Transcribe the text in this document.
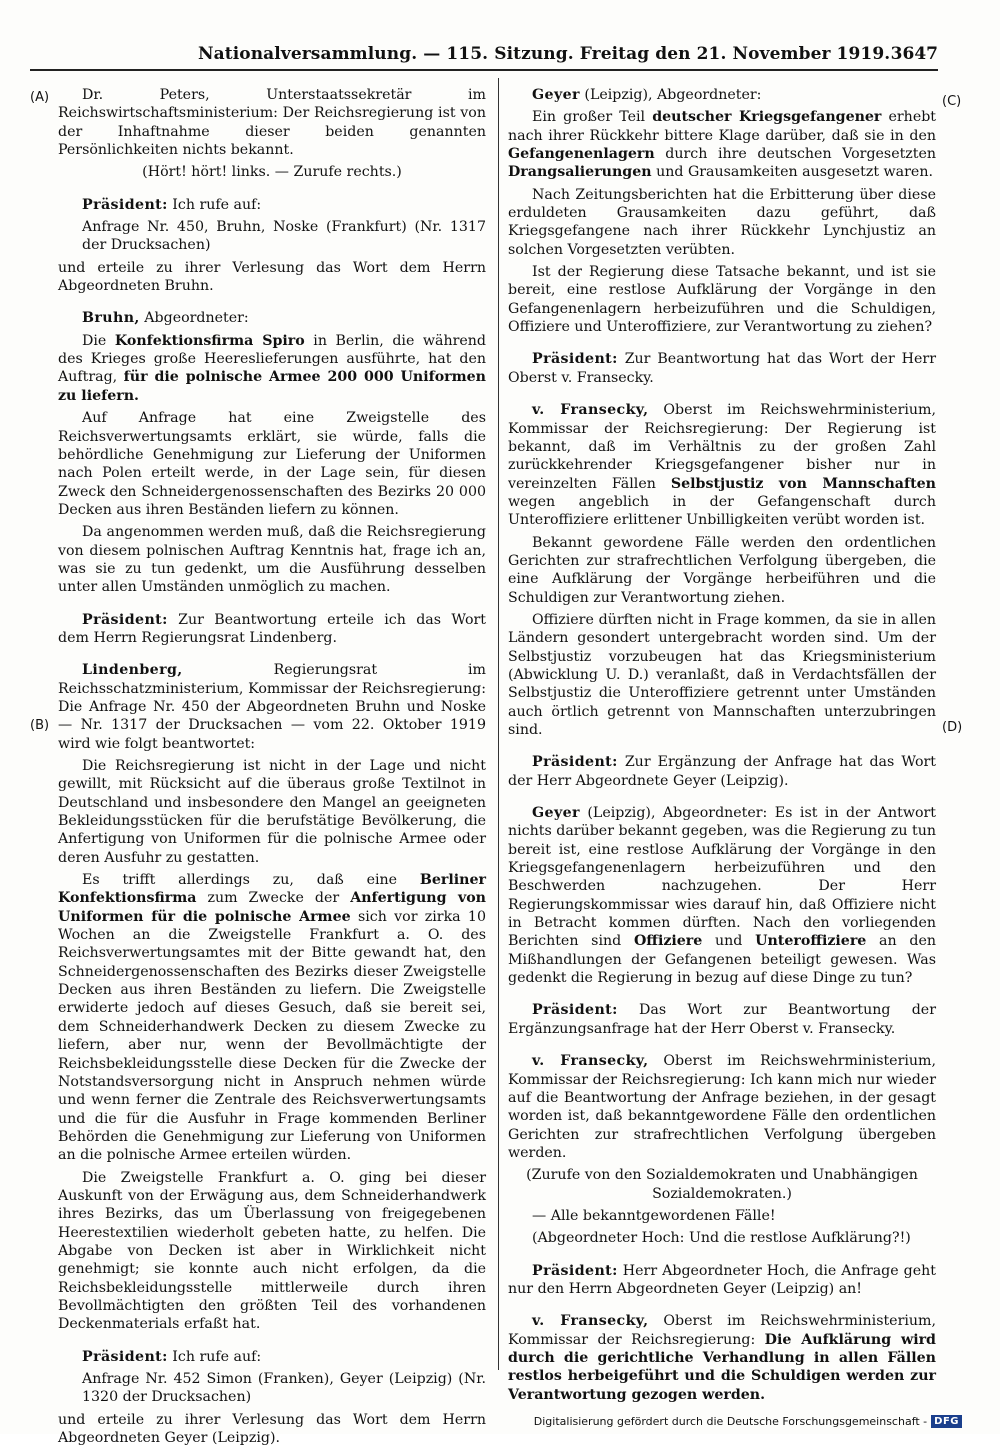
Nationalversammlung. — 115. Sitzung. Freitag den 21. November 1919. 3647
(A)
(B)
(C)
(D)

Dr. Peters, Unterstaatssekretär im Reichswirtschaftsministerium: Der Reichsregierung ist von der Inhaftnahme dieser beiden genannten Persönlichkeiten nichts bekannt.

(Hört! hört! links. — Zurufe rechts.)

Präsident: Ich rufe auf:

Anfrage Nr. 450, Bruhn, Noske (Frankfurt) (Nr. 1317 der Drucksachen)

und erteile zu ihrer Verlesung das Wort dem Herrn Abgeordneten Bruhn.

Bruhn, Abgeordneter:

Die Konfektionsfirma Spiro in Berlin, die während des Krieges große Heereslieferungen ausführte, hat den Auftrag, für die polnische Armee 200 000 Uniformen zu liefern.

Auf Anfrage hat eine Zweigstelle des Reichsverwertungsamts erklärt, sie würde, falls die behördliche Genehmigung zur Lieferung der Uniformen nach Polen erteilt werde, in der Lage sein, für diesen Zweck den Schneidergenossenschaften des Bezirks 20 000 Decken aus ihren Beständen liefern zu können.

Da angenommen werden muß, daß die Reichsregierung von diesem polnischen Auftrag Kenntnis hat, frage ich an, was sie zu tun gedenkt, um die Ausführung desselben unter allen Umständen unmöglich zu machen.

Präsident: Zur Beantwortung erteile ich das Wort dem Herrn Regierungsrat Lindenberg.

Lindenberg,	Regierungsrat im Reichsschatzministerium, Kommissar der Reichsregierung: Die Anfrage Nr. 450 der Abgeordneten Bruhn und Noske — Nr. 1317 der Drucksachen — vom 22. Oktober 1919 wird wie folgt beantwortet:

Die Reichsregierung ist nicht in der Lage und nicht gewillt, mit Rücksicht auf die überaus große Textilnot in Deutschland und insbesondere den Mangel an geeigneten Bekleidungsstücken für die berufstätige Bevölkerung, die Anfertigung von Uniformen für die polnische Armee oder deren Ausfuhr zu gestatten.

Es trifft allerdings zu, daß eine Berliner Konfektionsfirma zum Zwecke der Anfertigung von Uniformen für die polnische Armee sich vor zirka 10 Wochen an die Zweigstelle Frankfurt a. O. des Reichsverwertungsamtes mit der Bitte gewandt hat, den Schneidergenossenschaften des Bezirks dieser Zweigstelle Decken aus ihren Beständen zu liefern. Die Zweigstelle erwiderte jedoch auf dieses Gesuch, daß sie bereit sei, dem Schneiderhandwerk Decken zu diesem Zwecke zu liefern, aber nur, wenn der Bevollmächtigte der Reichsbekleidungsstelle diese Decken für die Zwecke der Notstandsversorgung nicht in Anspruch nehmen würde und wenn ferner die Zentrale des Reichsverwertungsamts und die für die Ausfuhr in Frage kommenden Berliner Behörden die Genehmigung zur Lieferung von Uniformen an die polnische Armee erteilen würden.

Die Zweigstelle Frankfurt a. O. ging bei dieser Auskunft von der Erwägung aus, dem Schneiderhandwerk ihres Bezirks, das um Überlassung von freigegebenen Heerestextilien wiederholt gebeten hatte, zu helfen. Die Abgabe von Decken ist aber in Wirklichkeit nicht genehmigt; sie konnte auch nicht erfolgen, da die Reichsbekleidungsstelle mittlerweile durch ihren Bevollmächtigten den größten Teil des vorhandenen Deckenmaterials erfaßt hat.

Präsident: Ich rufe auf:

Anfrage Nr. 452 Simon (Franken), Geyer (Leipzig) (Nr. 1320 der Drucksachen)

und erteile zu ihrer Verlesung das Wort dem Herrn Abgeordneten Geyer (Leipzig).

Geyer (Leipzig), Abgeordneter:

Ein großer Teil deutscher Kriegsgefangener erhebt nach ihrer Rückkehr bittere Klage darüber, daß sie in den Gefangenenlagern durch ihre deutschen Vorgesetzten Drangsalierungen und Grausamkeiten ausgesetzt waren.

Nach Zeitungsberichten hat die Erbitterung über diese erduldeten Grausamkeiten dazu geführt, daß Kriegsgefangene nach ihrer Rückkehr Lynchjustiz an solchen Vorgesetzten verübten.

Ist der Regierung diese Tatsache bekannt, und ist sie bereit, eine restlose Aufklärung der Vorgänge in den Gefangenenlagern herbeizuführen und die Schuldigen, Offiziere und Unteroffiziere, zur Verantwortung zu ziehen?

Präsident: Zur Beantwortung hat das Wort der Herr Oberst v. Fransecky.

v. Fransecky, Oberst im Reichswehrministerium, Kommissar der Reichsregierung: Der Regierung ist bekannt, daß im Verhältnis zu der großen Zahl zurückkehrender Kriegsgefangener bisher nur in vereinzelten Fällen Selbstjustiz von Mannschaften wegen angeblich in der Gefangenschaft durch Unteroffiziere erlittener Unbilligkeiten verübt worden ist.

Bekannt gewordene Fälle werden den ordentlichen Gerichten zur strafrechtlichen Verfolgung übergeben, die eine Aufklärung der Vorgänge herbeiführen und die Schuldigen zur Verantwortung ziehen.

Offiziere dürften nicht in Frage kommen, da sie in allen Ländern gesondert untergebracht worden sind. Um der Selbstjustiz vorzubeugen hat das Kriegsministerium (Abwicklung U. D.) veranlaßt, daß in Verdachtsfällen der Selbstjustiz die Unteroffiziere getrennt unter Umständen auch örtlich getrennt von Mannschaften unterzubringen sind.

Präsident: Zur Ergänzung der Anfrage hat das Wort der Herr Abgeordnete Geyer (Leipzig).

Geyer (Leipzig), Abgeordneter: Es ist in der Antwort nichts darüber bekannt gegeben, was die Regierung zu tun bereit ist, eine restlose Aufklärung der Vorgänge in den Kriegsgefangenenlagern herbeizuführen und den Beschwerden nachzugehen. Der Herr Regierungskommissar wies darauf hin, daß Offiziere nicht in Betracht kommen dürften. Nach den vorliegenden Berichten sind Offiziere und Unteroffiziere an den Mißhandlungen der Gefangenen beteiligt gewesen. Was gedenkt die Regierung in bezug auf diese Dinge zu tun?

Präsident: Das Wort zur Beantwortung der Ergänzungsanfrage hat der Herr Oberst v. Fransecky.

v. Fransecky, Oberst im Reichswehrministerium, Kommissar der Reichsregierung: Ich kann mich nur wieder auf die Beantwortung der Anfrage beziehen, in der gesagt worden ist, daß bekanntgewordene Fälle den ordentlichen Gerichten zur strafrechtlichen Verfolgung übergeben werden.

(Zurufe von den Sozialdemokraten und Unabhängigen Sozialdemokraten.)

— Alle bekanntgewordenen Fälle!

(Abgeordneter Hoch: Und die restlose Aufklärung?!)

Präsident: Herr Abgeordneter Hoch, die Anfrage geht nur den Herrn Abgeordneten Geyer (Leipzig) an!

v. Fransecky, Oberst im Reichswehrministerium, Kommissar der Reichsregierung: Die Aufklärung wird durch die gerichtliche Verhandlung in allen Fällen restlos herbeigeführt und die Schuldigen werden zur Verantwortung gezogen werden.

Digitalisierung gefördert durch die Deutsche Forschungsgemeinschaft - DFG
